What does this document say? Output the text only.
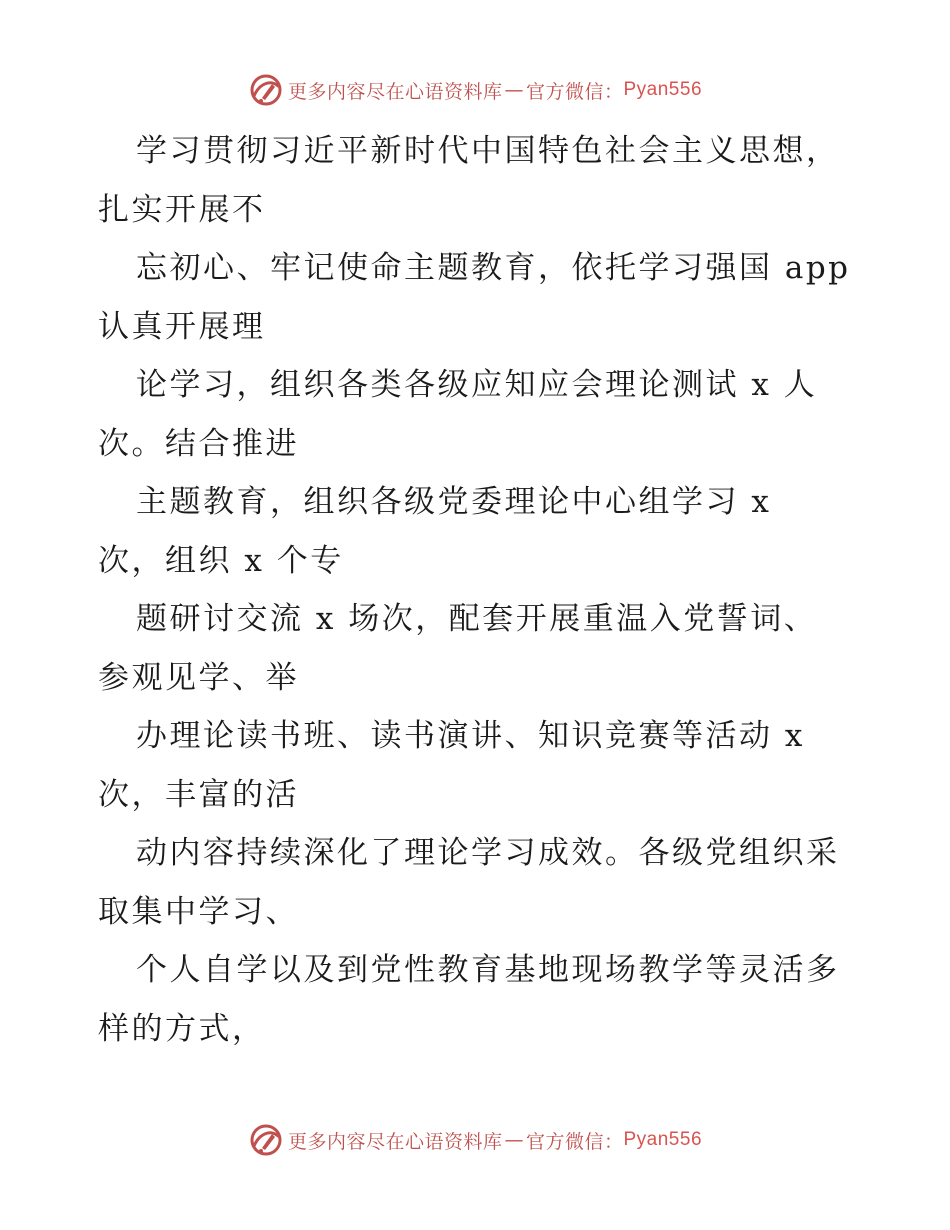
更多内容尽在心语资料库 — 官方微信： Pyan556
学习贯彻习近平新时代中国特色社会主义思想，
扎实开展不
忘初心、牢记使命主题教育，依托学习强国 app
认真开展理
论学习，组织各类各级应知应会理论测试 x 人
次。结合推进
主题教育，组织各级党委理论中心组学习 x
次，组织 x 个专
题研讨交流 x 场次，配套开展重温入党誓词、
参观见学、举
办理论读书班、读书演讲、知识竞赛等活动 x
次，丰富的活
动内容持续深化了理论学习成效。各级党组织采
取集中学习、
个人自学以及到党性教育基地现场教学等灵活多
样的方式，
更多内容尽在心语资料库 — 官方微信： Pyan556
